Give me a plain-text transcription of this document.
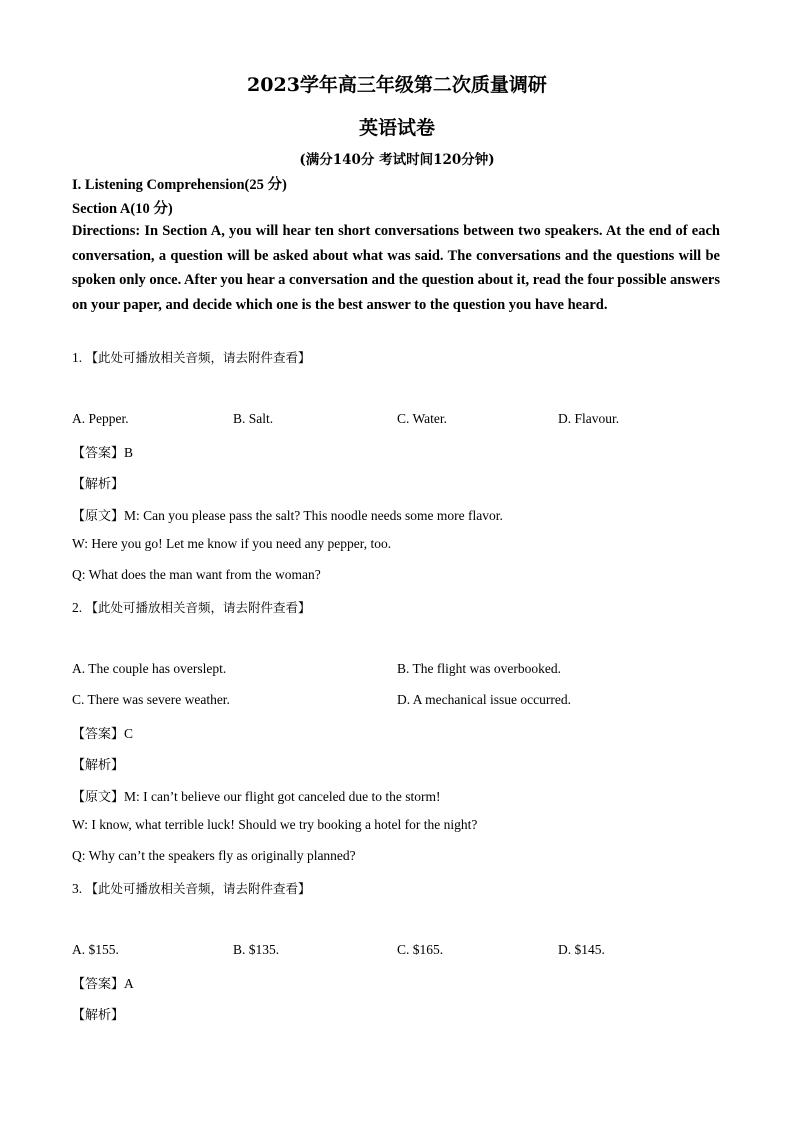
2023学年高三年级第二次质量调研
英语试卷
(满分140分 考试时间120分钟)
I. Listening Comprehension(25 分)
Section A(10 分)

Directions: In Section A, you will hear ten short conversations between two speakers. At the end of each conversation, a question will be asked about what was said. The conversations and the questions will be spoken only once. After you hear a conversation and the question about it, read the four possible answers on your paper, and decide which one is the best answer to the question you have heard.

1. 【此处可播放相关音频，请去附件查看】
A. Pepper.	B. Salt.	C. Water.	D. Flavour.
【答案】B
【解析】
【原文】M: Can you please pass the salt? This noodle needs some more flavor.
W: Here you go! Let me know if you need any pepper, too.
Q: What does the man want from the woman?
2. 【此处可播放相关音频，请去附件查看】
A. The couple has overslept.	B. The flight was overbooked.
C. There was severe weather.	D. A mechanical issue occurred.
【答案】C
【解析】
【原文】M: I can’t believe our flight got canceled due to the storm!
W: I know, what terrible luck! Should we try booking a hotel for the night?
Q: Why can’t the speakers fly as originally planned?
3. 【此处可播放相关音频，请去附件查看】
A. $155.	B. $135.	C. $165.	D. $145.
【答案】A
【解析】
